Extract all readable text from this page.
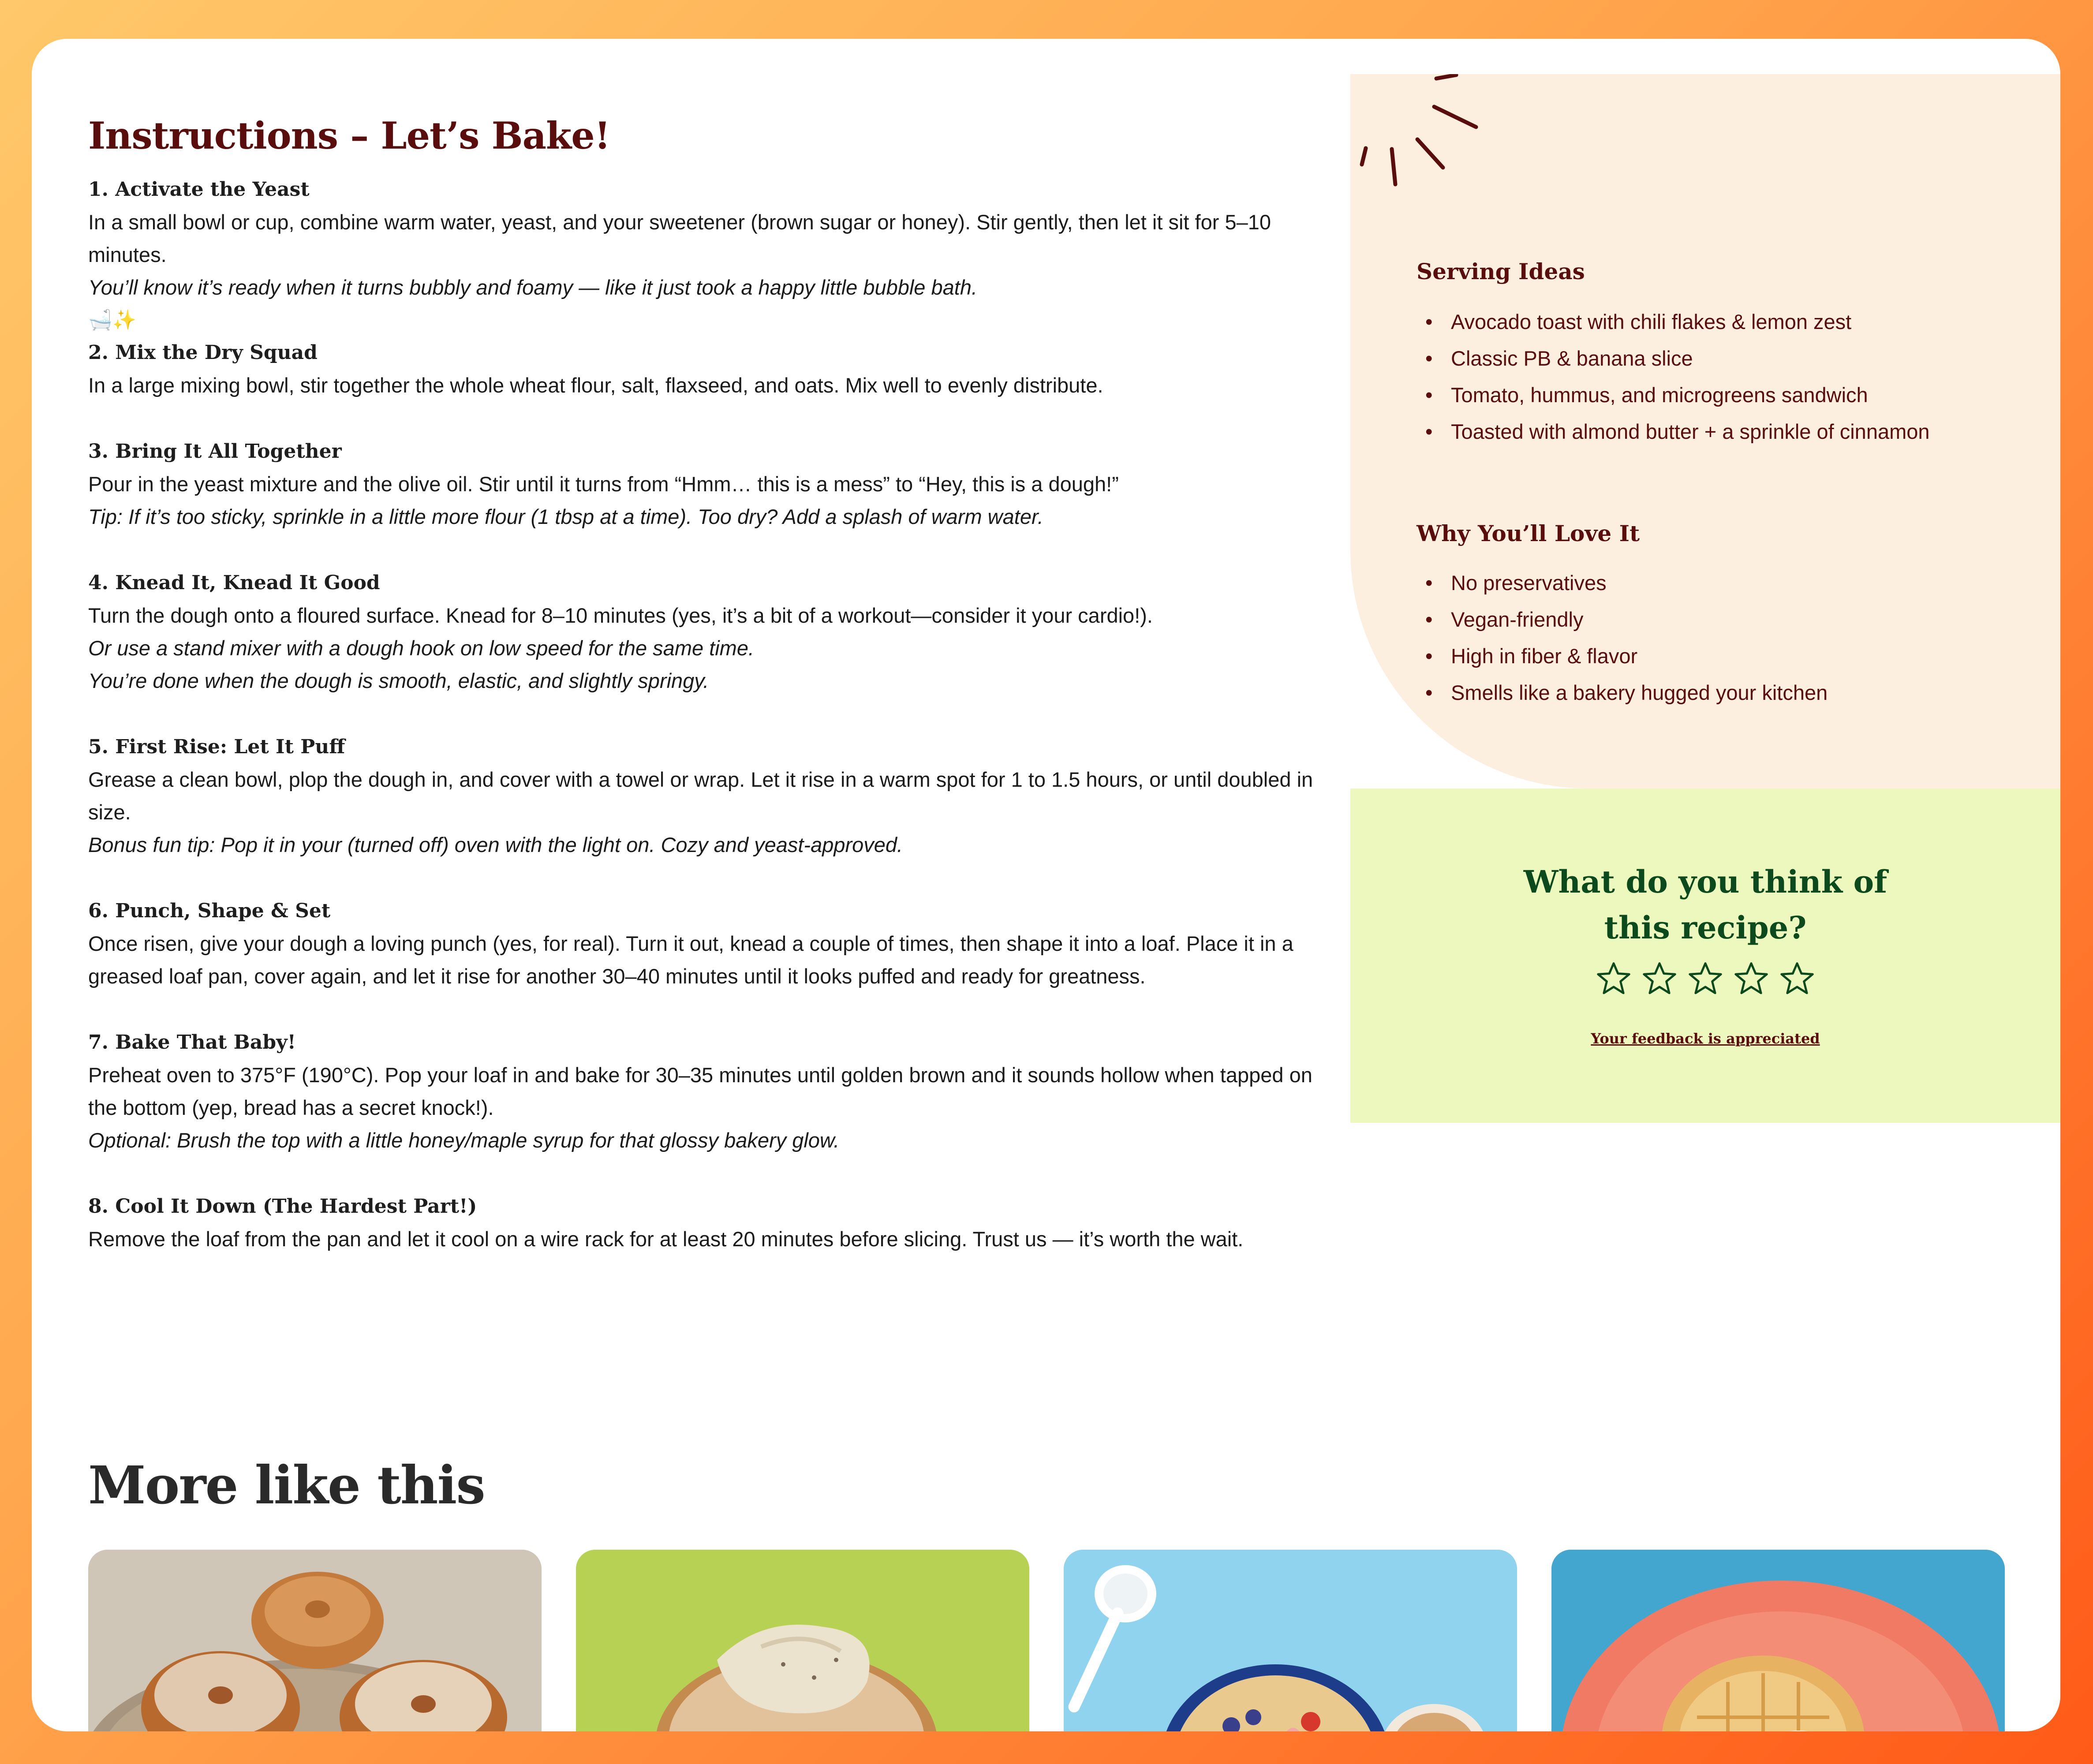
Instructions – Let’s Bake!
1. Activate the Yeast

In a small bowl or cup, combine warm water, yeast, and your sweetener (brown sugar or honey). Stir gently, then let it sit for 5–10 minutes.

You’ll know it’s ready when it turns bubbly and foamy — like it just took a happy little bubble bath.

🛁✨
2. Mix the Dry Squad

In a large mixing bowl, stir together the whole wheat flour, salt, flaxseed, and oats. Mix well to evenly distribute.

3. Bring It All Together

Pour in the yeast mixture and the olive oil. Stir until it turns from “Hmm… this is a mess” to “Hey, this is a dough!”

Tip: If it’s too sticky, sprinkle in a little more flour (1 tbsp at a time). Too dry? Add a splash of warm water.

4. Knead It, Knead It Good

Turn the dough onto a floured surface. Knead for 8–10 minutes (yes, it’s a bit of a workout—consider it your cardio!).

Or use a stand mixer with a dough hook on low speed for the same time.

You’re done when the dough is smooth, elastic, and slightly springy.

5. First Rise: Let It Puff

Grease a clean bowl, plop the dough in, and cover with a towel or wrap. Let it rise in a warm spot for 1 to 1.5 hours, or until doubled in size.

Bonus fun tip: Pop it in your (turned off) oven with the light on. Cozy and yeast-approved.

6. Punch, Shape & Set

Once risen, give your dough a loving punch (yes, for real). Turn it out, knead a couple of times, then shape it into a loaf. Place it in a greased loaf pan, cover again, and let it rise for another 30–40 minutes until it looks puffed and ready for greatness.

7. Bake That Baby!

Preheat oven to 375°F (190°C). Pop your loaf in and bake for 30–35 minutes until golden brown and it sounds hollow when tapped on the bottom (yep, bread has a secret knock!).

Optional: Brush the top with a little honey/maple syrup for that glossy bakery glow.

8. Cool It Down (The Hardest Part!)

Remove the loaf from the pan and let it cool on a wire rack for at least 20 minutes before slicing. Trust us — it’s worth the wait.

Serving Ideas
• Avocado toast with chili flakes & lemon zest
• Classic PB & banana slice
• Tomato, hummus, and microgreens sandwich
• Toasted with almond butter + a sprinkle of cinnamon
Why You’ll Love It
• No preservatives
• Vegan-friendly
• High in fiber & flavor
• Smells like a bakery hugged your kitchen
What do you think of
this recipe?
Your feedback is appreciated
More like this
